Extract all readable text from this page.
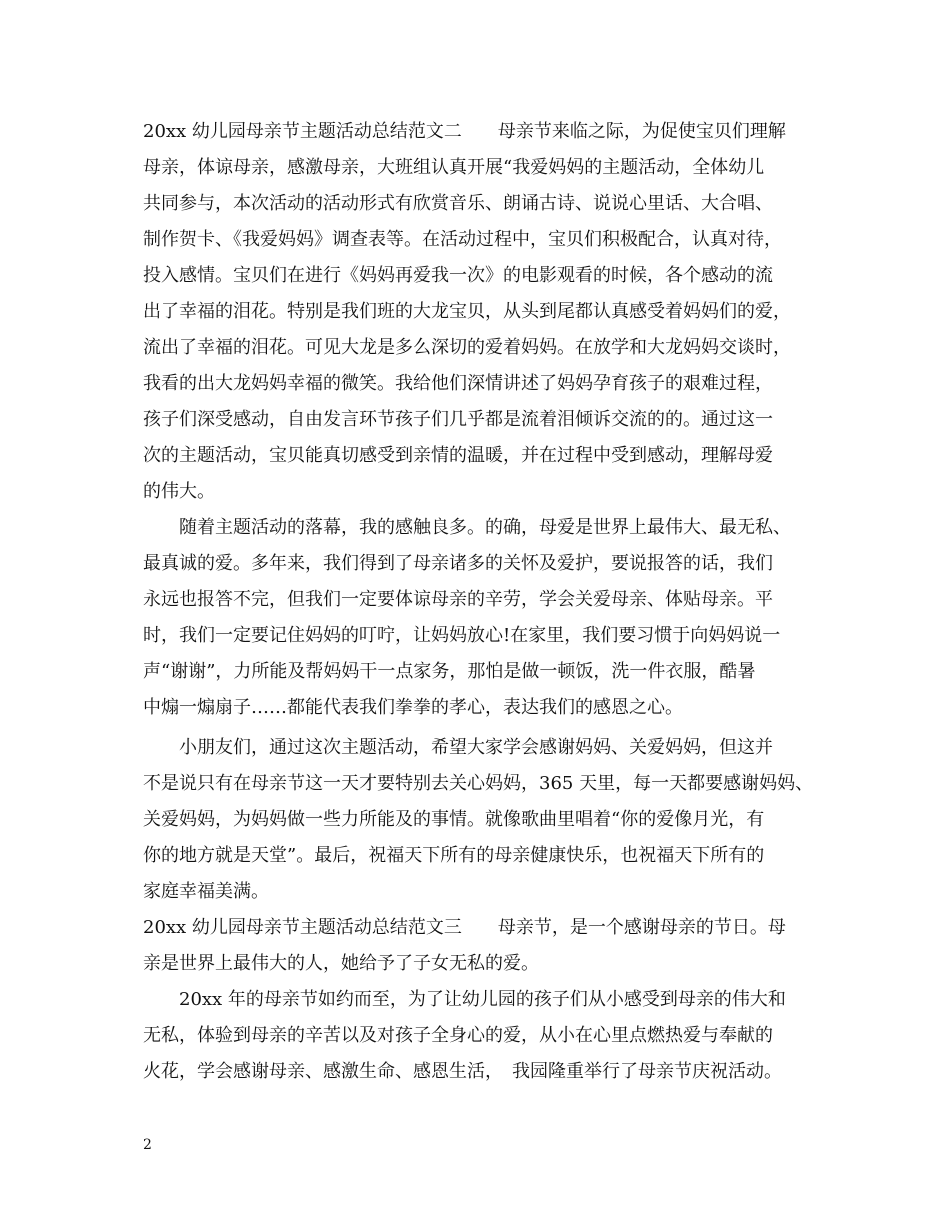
20xx 幼儿园母亲节主题活动总结范文二　　母亲节来临之际，为促使宝贝们理解
母亲，体谅母亲，感激母亲，大班组认真开展“我爱妈妈的主题活动，全体幼儿
共同参与，本次活动的活动形式有欣赏音乐、朗诵古诗、说说心里话、大合唱、
制作贺卡、《我爱妈妈》调查表等。在活动过程中，宝贝们积极配合，认真对待，
投入感情。宝贝们在进行《妈妈再爱我一次》的电影观看的时候，各个感动的流
出了幸福的泪花。特别是我们班的大龙宝贝，从头到尾都认真感受着妈妈们的爱，
流出了幸福的泪花。可见大龙是多么深切的爱着妈妈。在放学和大龙妈妈交谈时，
我看的出大龙妈妈幸福的微笑。我给他们深情讲述了妈妈孕育孩子的艰难过程，
孩子们深受感动，自由发言环节孩子们几乎都是流着泪倾诉交流的的。通过这一
次的主题活动，宝贝能真切感受到亲情的温暖，并在过程中受到感动，理解母爱
的伟大。
随着主题活动的落幕，我的感触良多。的确，母爱是世界上最伟大、最无私、
最真诚的爱。多年来，我们得到了母亲诸多的关怀及爱护，要说报答的话，我们
永远也报答不完，但我们一定要体谅母亲的辛劳，学会关爱母亲、体贴母亲。平
时，我们一定要记住妈妈的叮咛，让妈妈放心!在家里，我们要习惯于向妈妈说一
声“谢谢”，力所能及帮妈妈干一点家务，那怕是做一顿饭，洗一件衣服，酷暑
中煽一煽扇子……都能代表我们拳拳的孝心，表达我们的感恩之心。
小朋友们，通过这次主题活动，希望大家学会感谢妈妈、关爱妈妈，但这并
不是说只有在母亲节这一天才要特别去关心妈妈，365 天里，每一天都要感谢妈妈、
关爱妈妈，为妈妈做一些力所能及的事情。就像歌曲里唱着“你的爱像月光，有
你的地方就是天堂”。最后，祝福天下所有的母亲健康快乐，也祝福天下所有的
家庭幸福美满。
20xx 幼儿园母亲节主题活动总结范文三　　母亲节，是一个感谢母亲的节日。母
亲是世界上最伟大的人，她给予了子女无私的爱。
20xx 年的母亲节如约而至，为了让幼儿园的孩子们从小感受到母亲的伟大和
无私，体验到母亲的辛苦以及对孩子全身心的爱，从小在心里点燃热爱与奉献的
火花，学会感谢母亲、感激生命、感恩生活，　我园隆重举行了母亲节庆祝活动。
2
